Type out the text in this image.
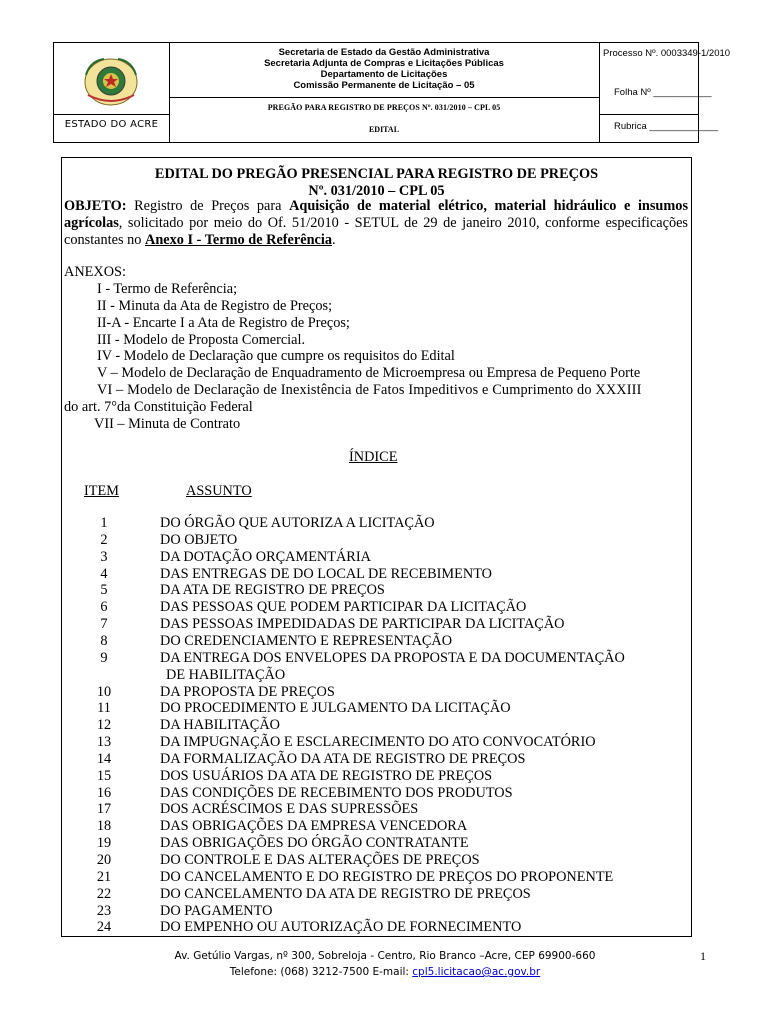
ESTADO DO ACRE
Secretaria de Estado da Gestão Administrativa
Secretaria Adjunta de Compras e Licitações Públicas
Departamento de Licitações
Comissão Permanente de Licitação – 05
PREGÃO PARA REGISTRO DE PREÇOS Nº. 031/2010 – CPL 05
EDITAL
Processo Nº. 0003349-1/2010
Folha Nº ___________
Rubrica _____________
EDITAL DO PREGÃO PRESENCIAL PARA REGISTRO DE PREÇOS
Nº. 031/2010 – CPL 05
OBJETO: Registro de Preços para Aquisição de material elétrico, material hidráulico e insumos agrícolas, solicitado por meio do Of. 51/2010 - SETUL de 29 de janeiro 2010, conforme especificações constantes no Anexo I - Termo de Referência.
ANEXOS:
I - Termo de Referência;
II - Minuta da Ata de Registro de Preços;
II-A - Encarte I a Ata de Registro de Preços;
III - Modelo de Proposta Comercial.
IV - Modelo de Declaração que cumpre os requisitos do Edital
V – Modelo de Declaração de Enquadramento de Microempresa ou Empresa de Pequeno Porte
VI – Modelo de Declaração de Inexistência de Fatos Impeditivos e Cumprimento do XXXIII
do art. 7°da Constituição Federal
VII – Minuta de Contrato
ÍNDICE
ITEM	ASSUNTO
1	DO ÓRGÃO QUE AUTORIZA A LICITAÇÃO
2	DO OBJETO
3	DA DOTAÇÃO ORÇAMENTÁRIA
4	DAS ENTREGAS DE DO LOCAL DE RECEBIMENTO
5	DA ATA DE REGISTRO DE PREÇOS
6	DAS PESSOAS QUE PODEM PARTICIPAR DA LICITAÇÃO
7	DAS PESSOAS IMPEDIDADAS DE PARTICIPAR DA LICITAÇÃO
8	DO CREDENCIAMENTO E REPRESENTAÇÃO
9	DA ENTREGA DOS ENVELOPES DA PROPOSTA E DA DOCUMENTAÇÃO
DE HABILITAÇÃO
10	DA PROPOSTA DE PREÇOS
11	DO PROCEDIMENTO E JULGAMENTO DA LICITAÇÃO
12	DA HABILITAÇÃO
13	DA IMPUGNAÇÃO E ESCLARECIMENTO DO ATO CONVOCATÓRIO
14	DA FORMALIZAÇÃO DA ATA DE REGISTRO DE PREÇOS
15	DOS USUÁRIOS DA ATA DE REGISTRO DE PREÇOS
16	DAS CONDIÇÕES DE RECEBIMENTO DOS PRODUTOS
17	DOS ACRÉSCIMOS E DAS SUPRESSÕES
18	DAS OBRIGAÇÕES DA EMPRESA VENCEDORA
19	DAS OBRIGAÇÕES DO ÓRGÃO CONTRATANTE
20	DO CONTROLE E DAS ALTERAÇÕES DE PREÇOS
21	DO CANCELAMENTO E DO REGISTRO DE PREÇOS DO PROPONENTE
22	DO CANCELAMENTO DA ATA DE REGISTRO DE PREÇOS
23	DO PAGAMENTO
24	DO EMPENHO OU AUTORIZAÇÃO DE FORNECIMENTO
Av. Getúlio Vargas, nº 300, Sobreloja - Centro, Rio Branco –Acre, CEP 69900-660
Telefone: (068) 3212-7500 E-mail: cpl5.licitacao@ac.gov.br
1
